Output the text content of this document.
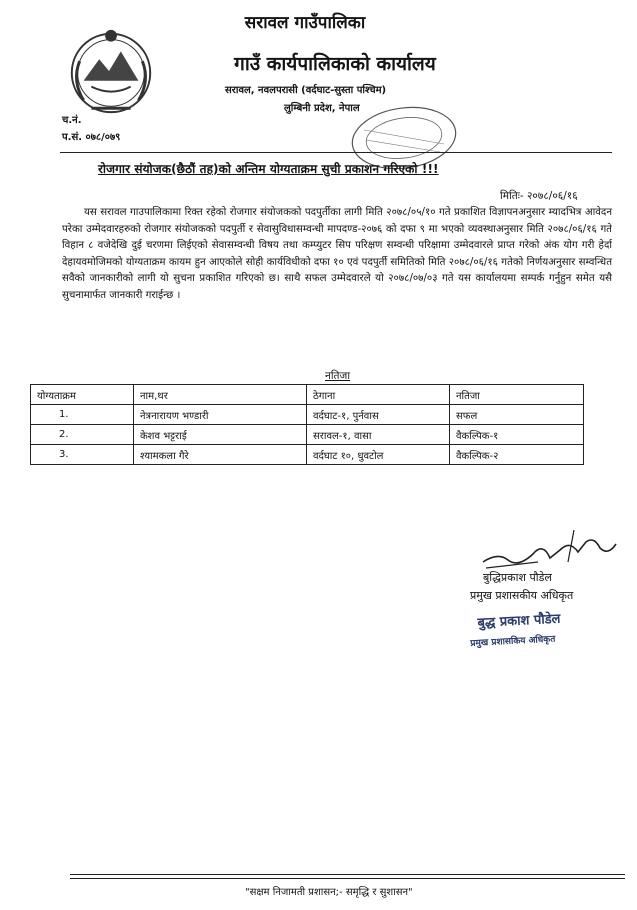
सरावल गाउँपालिका
गाउँ कार्यपालिकाको कार्यालय
सरावल, नवलपरासी (वर्दघाट-सुस्ता पश्चिम)
लुम्बिनी प्रदेश, नेपाल
च.नं.
प.सं. ०७८/०७९
रोजगार संयोजक(छैठौं तह)को अन्तिम योग्यताक्रम सुची प्रकाशन गरिएको !!!
मितिः- २०७८/०६/१६

यस सरावल गाउपालिकामा रिक्त रहेको रोजगार संयोजकको पदपुर्तीका लागी मिति २०७८/०५/१० गते प्रकाशित विज्ञापनअनुसार म्यादभित्र आवेदन परेका उम्मेदवारहरुको रोजगार संयोजकको पदपुर्ती र सेवासुविधासम्वन्धी मापदण्ड-२०७६ को दफा ९ मा भएको व्यवस्थाअनुसार मिति २०७८/०६/१६ गते विहान ८ वजेदेखि दुई चरणमा लिईएको सेवासम्वन्धी विषय तथा कम्प्युटर सिप परिक्षण सम्वन्धी परिक्षामा उम्मेदवारले प्राप्त गरेको अंक योग गरी हेर्दा देहायवमोजिमको योग्यताक्रम कायम हुन आएकोले सोही कार्यविधीको दफा १० एवं पदपुर्ती समितिको मिति २०७८/०६/१६ गतेको निर्णयअनुसार सम्वन्धित सवैको जानकारीको लागी यो सुचना प्रकाशित गरिएको छ। साथै सफल उम्मेदवारले यो २०७८/०७/०३ गते यस कार्यालयमा सम्पर्क गर्नुहुन समेत यसै सुचनामार्फत जानकारी गराईन्छ ।

नतिजा
योग्यताक्रम	नाम,थर	ठेगाना	नतिजा
1.	नेत्रनारायण भण्डारी	वर्दघाट-१, पुर्नवास	सफल
2.	केशव भट्टराई	सरावल-१, वासा	वैकल्पिक-१
3.	श्यामकला गैरे	वर्दघाट १०, धुवटोल	वैकल्पिक-२
बुद्धिप्रकाश पौडेल
प्रमुख प्रशासकीय अधिकृत
बुद्ध प्रकाश पौडेल
प्रमुख प्रशासकिय अधिकृत
"सक्षम निजामती प्रशासन;- समृद्धि र सुशासन"
